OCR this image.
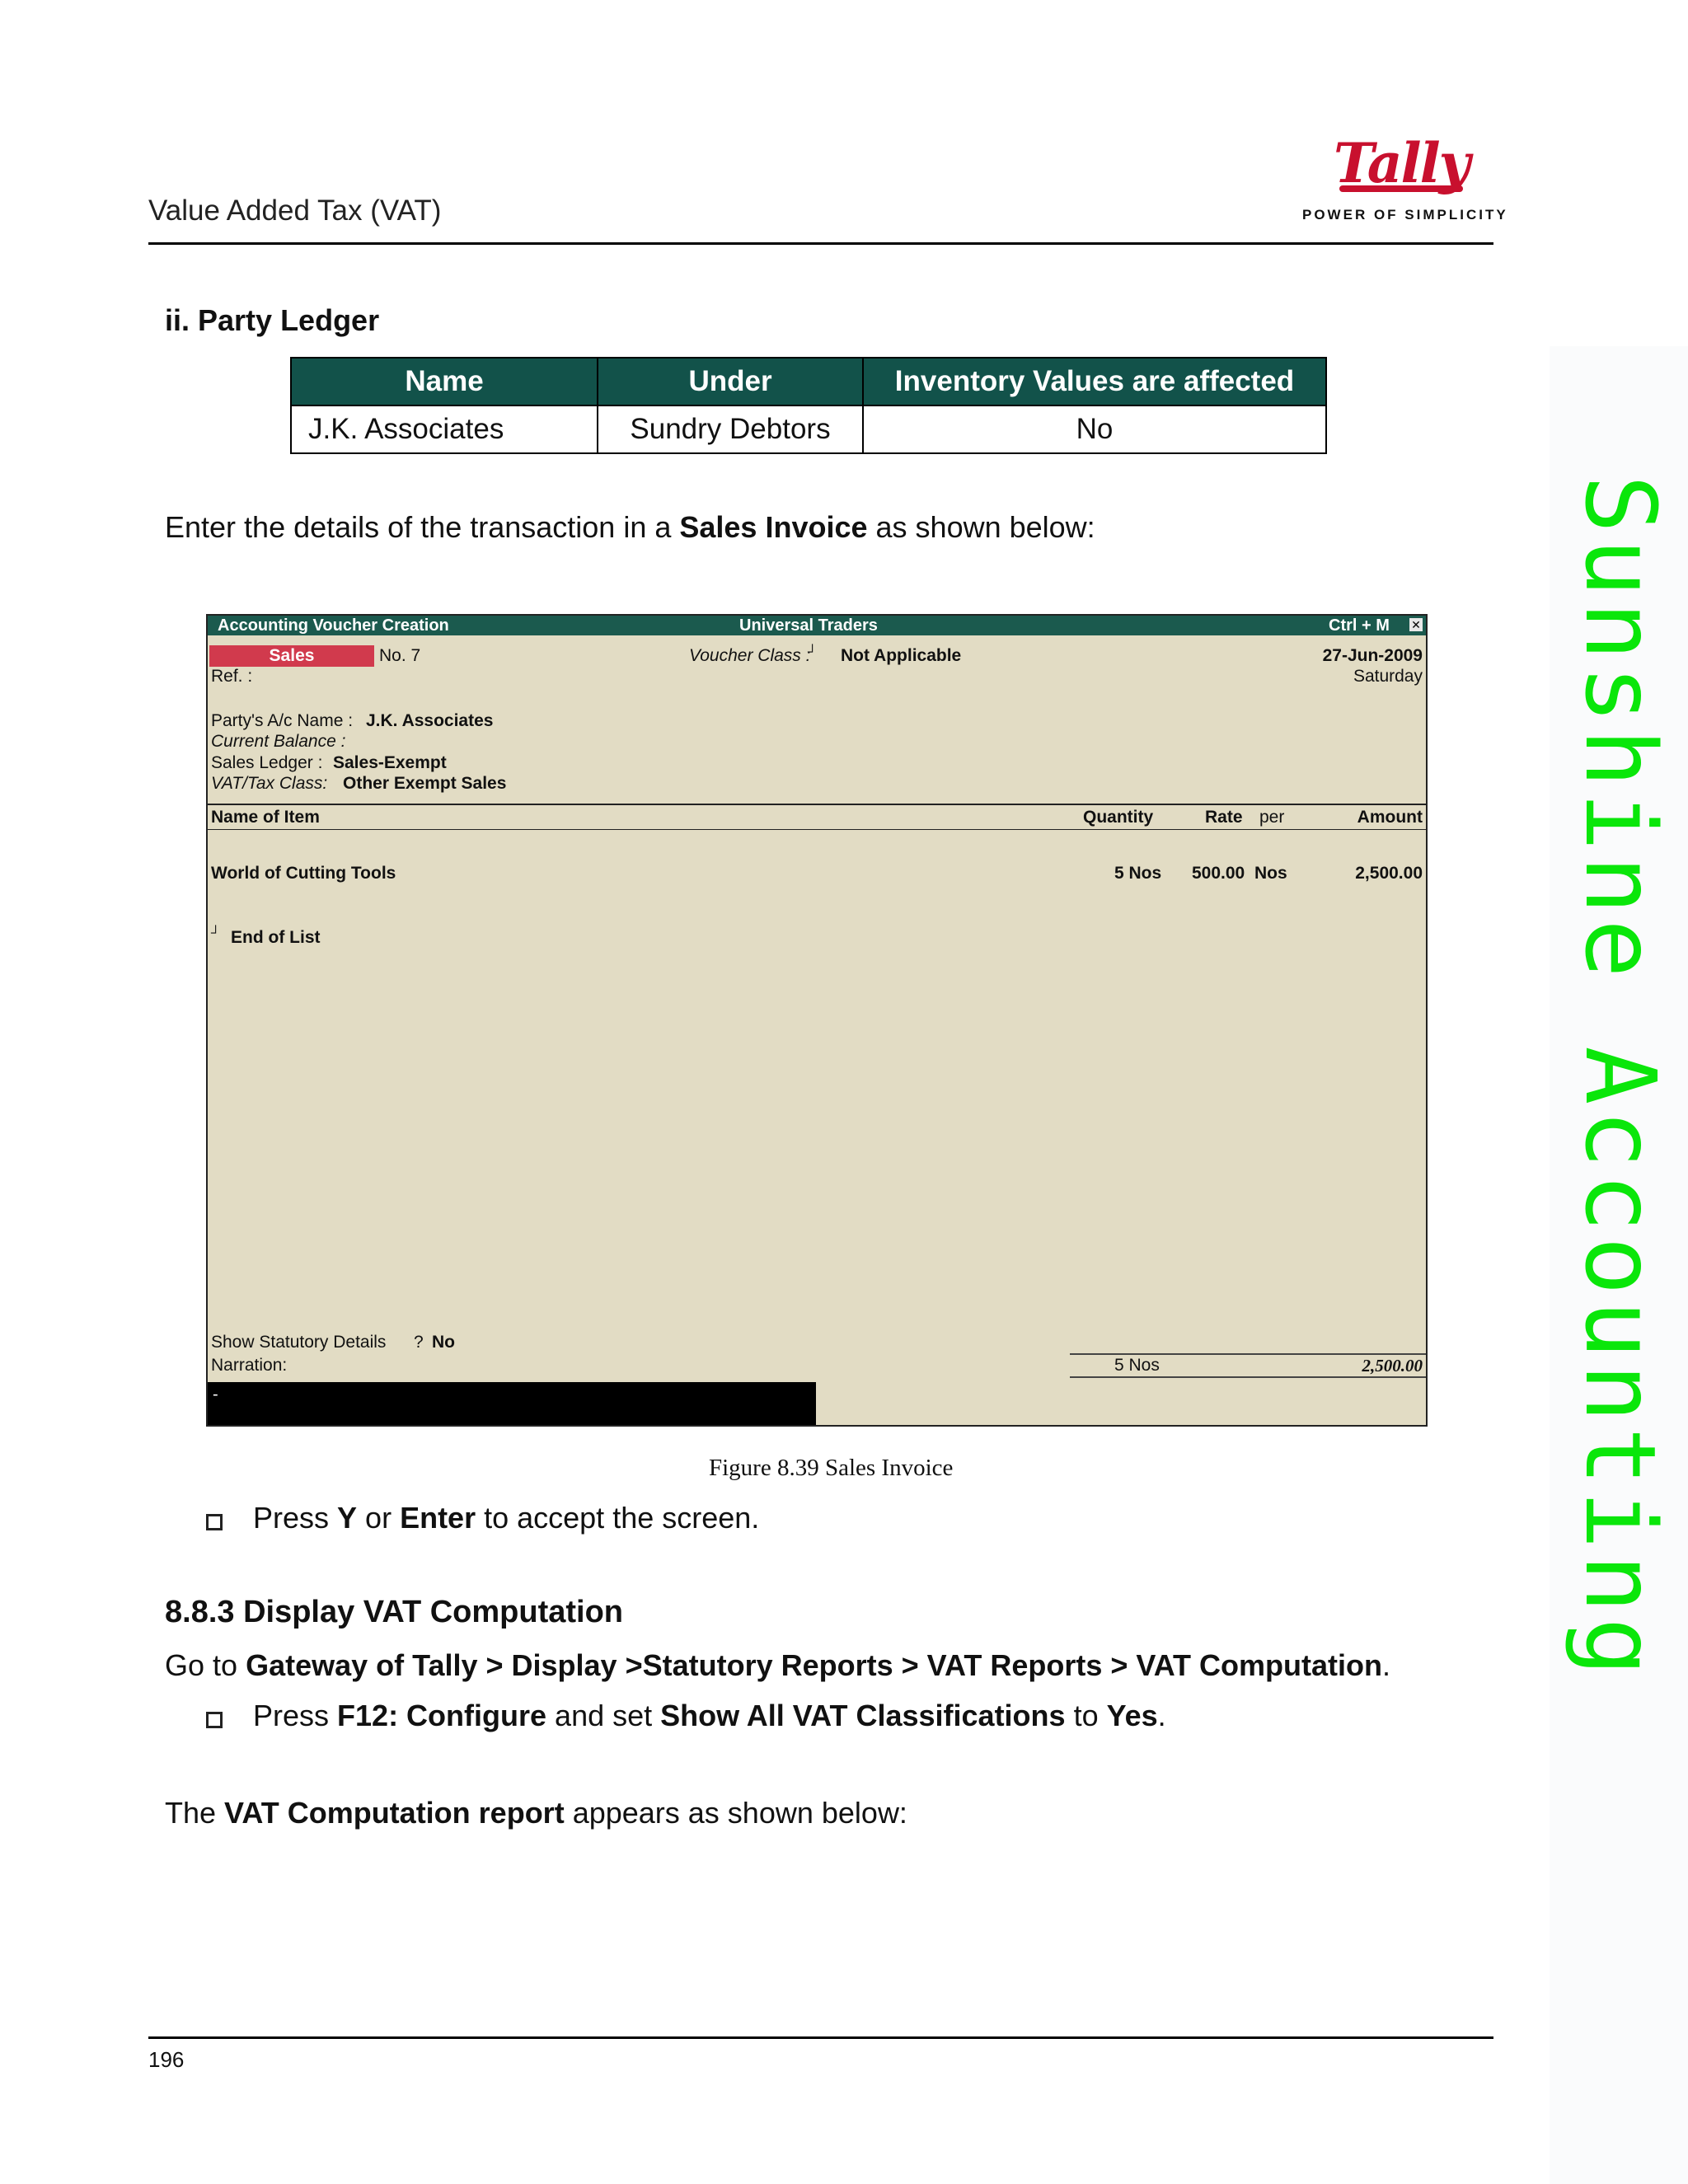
Sunshine Accounting
Value Added Tax (VAT)
Tally
POWER OF SIMPLICITY
ii. Party Ledger
Name	Under	Inventory Values are affected
J.K. Associates	Sundry Debtors	No
Enter the details of the transaction in a Sales Invoice as shown below:
Accounting Voucher Creation	Universal Traders	Ctrl + M ✕
Sales	No. 7	Voucher Class :
┘ Not Applicable	27-Jun-2009
Saturday
Ref. :
Party's A/c Name : J.K. Associates
Current Balance :
Sales Ledger : Sales-Exempt
VAT/Tax Class: Other Exempt Sales
Name of Item	Quantity	Rate per	Amount
World of Cutting Tools	5 Nos 500.00 Nos	2,500.00
┘ End of List
Show Statutory Details ? No
Narration:	5 Nos	2,500.00
-
Figure 8.39 Sales Invoice
Press Y or Enter to accept the screen.
8.8.3 Display VAT Computation
Go to Gateway of Tally > Display >Statutory Reports > VAT Reports > VAT Computation.
Press F12: Configure and set Show All VAT Classifications to Yes.
The VAT Computation report appears as shown below:
196
